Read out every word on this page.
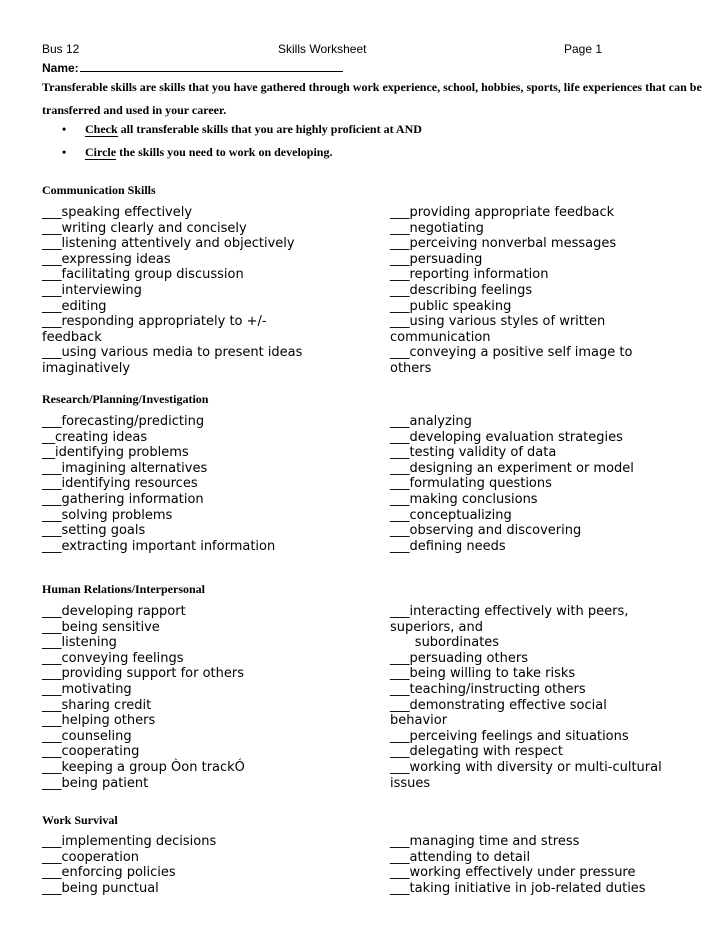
Bus 12	Skills Worksheet	Page 1
Name:
Transferable skills are skills that you have gathered through work experience, school, hobbies, sports, life experiences that can be transferred and used in your career.
• Check all transferable skills that you are highly proficient at AND
• Circle the skills you need to work on developing.
Communication Skills
___speaking effectively
___writing clearly and concisely
___listening attentively and objectively
___expressing ideas
___facilitating group discussion
___interviewing
___editing
___responding appropriately to +/-
feedback
___using various media to present ideas
imaginatively
___providing appropriate feedback
___negotiating
___perceiving nonverbal messages
___persuading
___reporting information
___describing feelings
___public speaking
___using various styles of written
communication
___conveying a positive self image to
others
Research/Planning/Investigation
___forecasting/predicting
__creating ideas
__identifying problems
___imagining alternatives
___identifying resources
___gathering information
___solving problems
___setting goals
___extracting important information
___analyzing
___developing evaluation strategies
___testing validity of data
___designing an experiment or model
___formulating questions
___making conclusions
___conceptualizing
___observing and discovering
___defining needs
Human Relations/Interpersonal
___developing rapport
___being sensitive
___listening
___conveying feelings
___providing support for others
___motivating
___sharing credit
___helping others
___counseling
___cooperating
___keeping a group Òon trackÓ
___being patient
___interacting effectively with peers,
superiors, and
subordinates
___persuading others
___being willing to take risks
___teaching/instructing others
___demonstrating effective social
behavior
___perceiving feelings and situations
___delegating with respect
___working with diversity or multi-cultural
issues
Work Survival
___implementing decisions
___cooperation
___enforcing policies
___being punctual
___managing time and stress
___attending to detail
___working effectively under pressure
___taking initiative in job-related duties
